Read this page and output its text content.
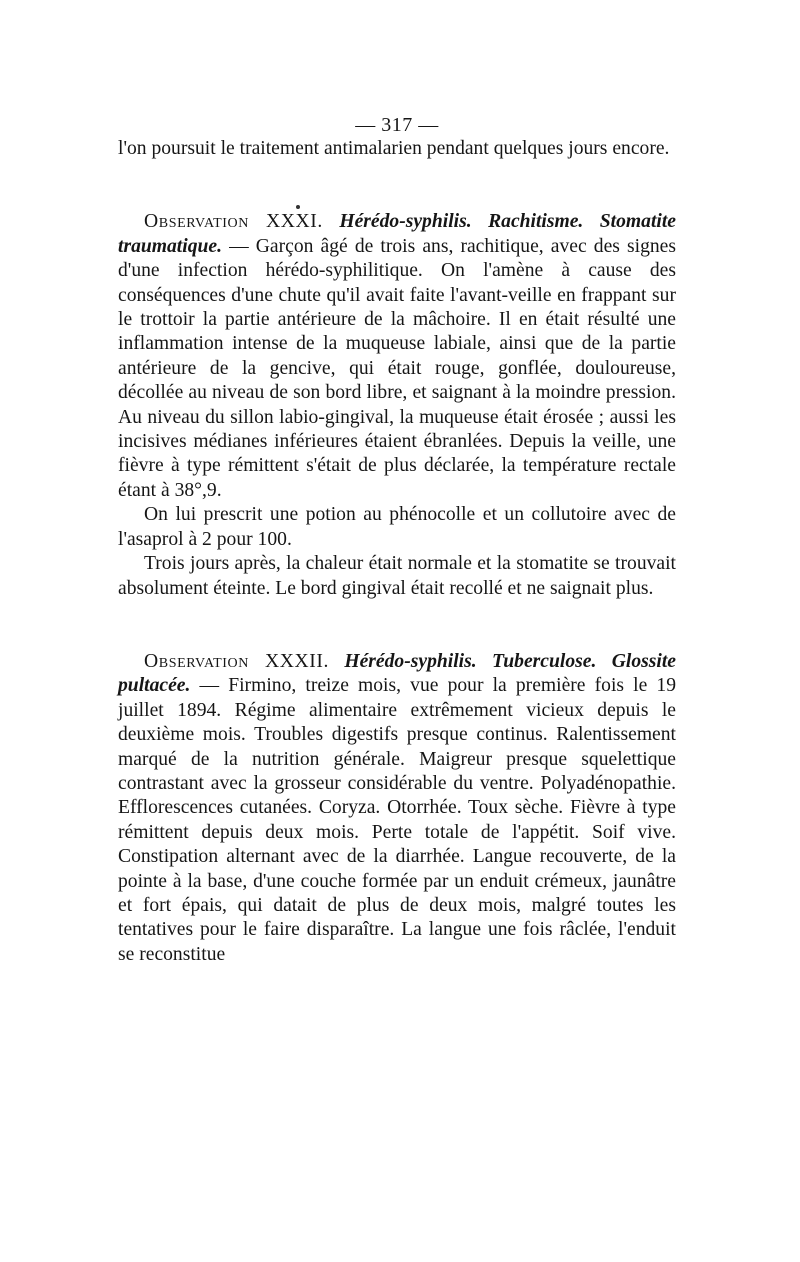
— 317 —

l'on poursuit le traitement antimalarien pendant quelques jours encore.

Observation XXXI. Hérédo-syphilis. Rachitisme. Stomatite traumatique. — Garçon âgé de trois ans, rachitique, avec des signes d'une infection hérédo-syphilitique. On l'amène à cause des conséquences d'une chute qu'il avait faite l'avant-veille en frappant sur le trottoir la partie antérieure de la mâchoire. Il en était résulté une inflammation intense de la muqueuse labiale, ainsi que de la partie antérieure de la gencive, qui était rouge, gonflée, douloureuse, décollée au niveau de son bord libre, et saignant à la moindre pression. Au niveau du sillon labio-gingival, la muqueuse était érosée ; aussi les incisives médianes inférieures étaient ébranlées. Depuis la veille, une fièvre à type rémittent s'était de plus déclarée, la température rectale étant à 38°,9.

On lui prescrit une potion au phénocolle et un collutoire avec de l'asaprol à 2 pour 100.

Trois jours après, la chaleur était normale et la stomatite se trouvait absolument éteinte. Le bord gingival était recollé et ne saignait plus.

Observation XXXII. Hérédo-syphilis. Tuberculose. Glossite pultacée. — Firmino, treize mois, vue pour la première fois le 19 juillet 1894. Régime alimentaire extrêmement vicieux depuis le deuxième mois. Troubles digestifs presque continus. Ralentissement marqué de la nutrition générale. Maigreur presque squelettique contrastant avec la grosseur considérable du ventre. Polyadénopathie. Efflorescences cutanées. Coryza. Otorrhée. Toux sèche. Fièvre à type rémittent depuis deux mois. Perte totale de l'appétit. Soif vive. Constipation alternant avec de la diarrhée. Langue recouverte, de la pointe à la base, d'une couche formée par un enduit crémeux, jaunâtre et fort épais, qui datait de plus de deux mois, malgré toutes les tentatives pour le faire disparaître. La langue une fois râclée, l'enduit se reconstitue
